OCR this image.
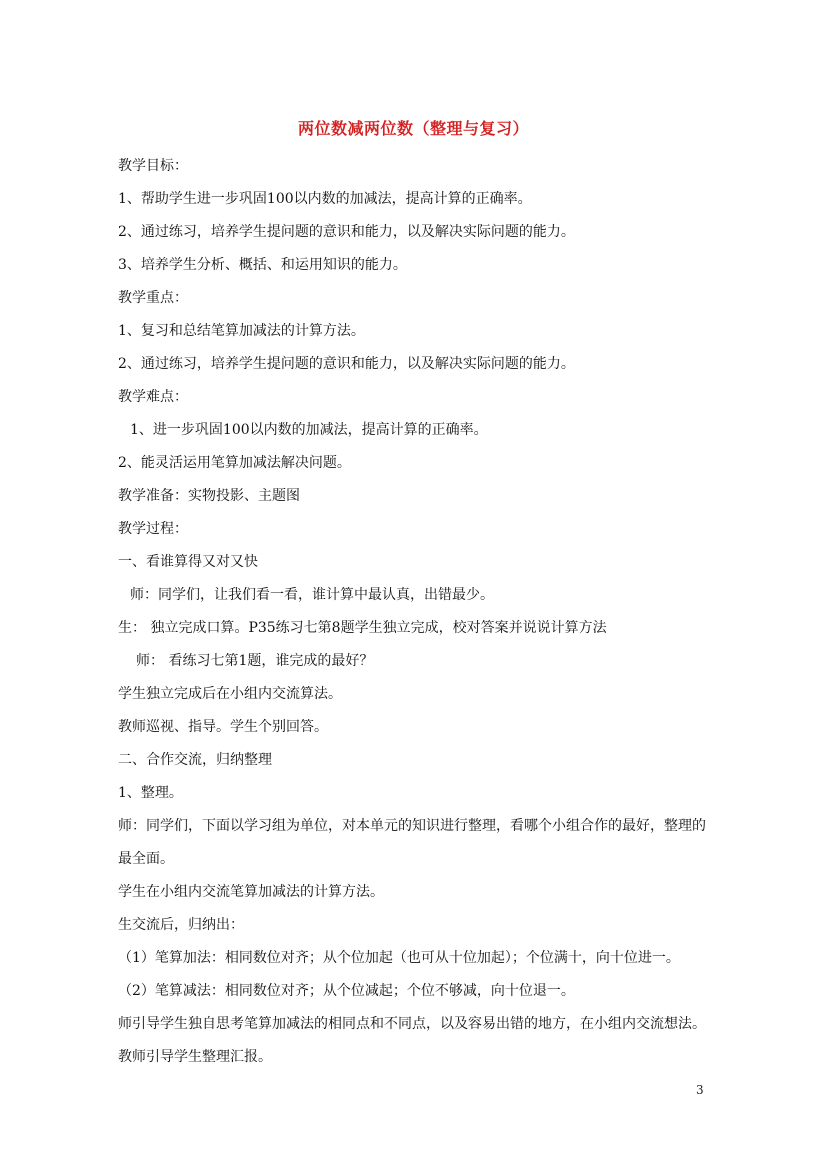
两位数减两位数（整理与复习）
教学目标：
1、帮助学生进一步巩固100以内数的加减法，提高计算的正确率。
2、通过练习，培养学生提问题的意识和能力，以及解决实际问题的能力。
3、培养学生分析、概括、和运用知识的能力。
教学重点：
1、复习和总结笔算加减法的计算方法。
2、通过练习，培养学生提问题的意识和能力，以及解决实际问题的能力。
教学难点：
1、进一步巩固100以内数的加减法，提高计算的正确率。
2、能灵活运用笔算加减法解决问题。
教学准备：实物投影、主题图
教学过程：
一、看谁算得又对又快
师：同学们，让我们看一看，谁计算中最认真，出错最少。
生： 独立完成口算。P35练习七第8题学生独立完成，校对答案并说说计算方法
师： 看练习七第1题，谁完成的最好？
学生独立完成后在小组内交流算法。
教师巡视、指导。学生个别回答。
二、合作交流，归纳整理
1、整理。
师：同学们，下面以学习组为单位，对本单元的知识进行整理，看哪个小组合作的最好，整理的最全面。
学生在小组内交流笔算加减法的计算方法。
生交流后，归纳出：
（1）笔算加法：相同数位对齐；从个位加起（也可从十位加起）；个位满十，向十位进一。
（2）笔算减法：相同数位对齐；从个位减起；个位不够减，向十位退一。
师引导学生独自思考笔算加减法的相同点和不同点，以及容易出错的地方，在小组内交流想法。教师引导学生整理汇报。
3
